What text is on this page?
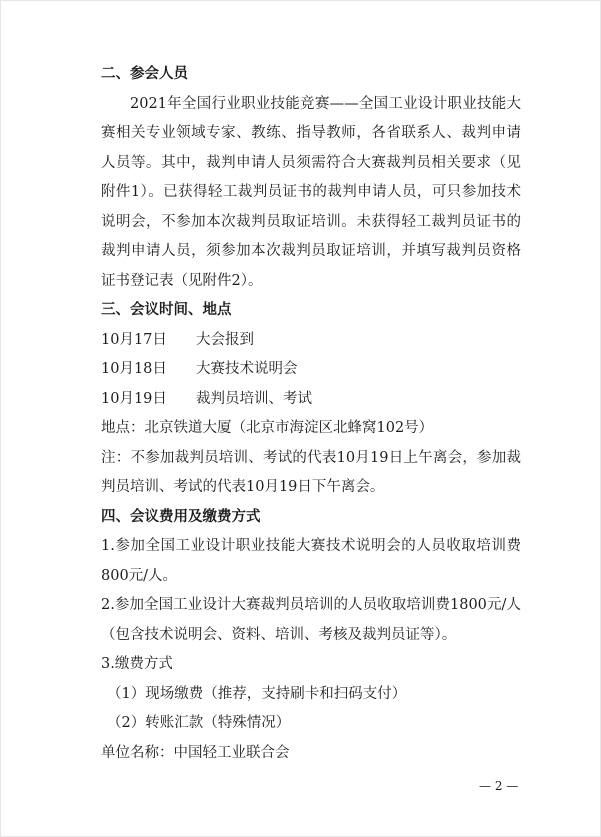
二、参会人员

2021年全国行业职业技能竞赛——全国工业设计职业技能大赛相关专业领域专家、教练、指导教师，各省联系人、裁判申请人员等。其中，裁判申请人员须需符合大赛裁判员相关要求（见附件1）。已获得轻工裁判员证书的裁判申请人员，可只参加技术说明会，不参加本次裁判员取证培训。未获得轻工裁判员证书的裁判申请人员，须参加本次裁判员取证培训，并填写裁判员资格证书登记表（见附件2）。

三、会议时间、地点

10月17日	大会报到
10月18日	大赛技术说明会
10月19日	裁判员培训、考试

地点：北京铁道大厦（北京市海淀区北蜂窝102号）

注：不参加裁判员培训、考试的代表10月19日上午离会，参加裁判员培训、考试的代表10月19日下午离会。

四、会议费用及缴费方式

1.参加全国工业设计职业技能大赛技术说明会的人员收取培训费800元/人。

2.参加全国工业设计大赛裁判员培训的人员收取培训费1800元/人（包含技术说明会、资料、培训、考核及裁判员证等）。

3.缴费方式

（1）现场缴费（推荐，支持刷卡和扫码支付）

（2）转账汇款（特殊情况）

单位名称：中国轻工业联合会

— 2 —
